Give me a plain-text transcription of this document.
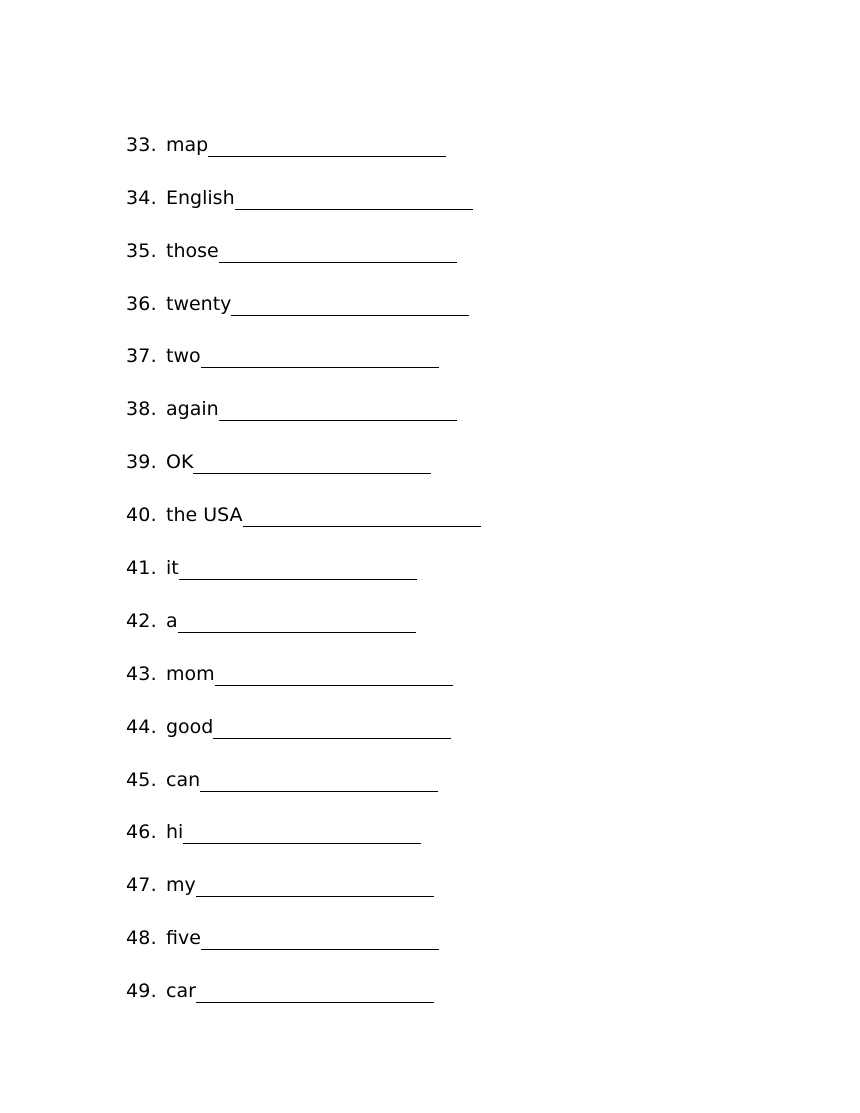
33. map
34. English
35. those
36. twenty
37. two
38. again
39. OK
40. the USA
41. it
42. a
43. mom
44. good
45. can
46. hi
47. my
48. five
49. car
